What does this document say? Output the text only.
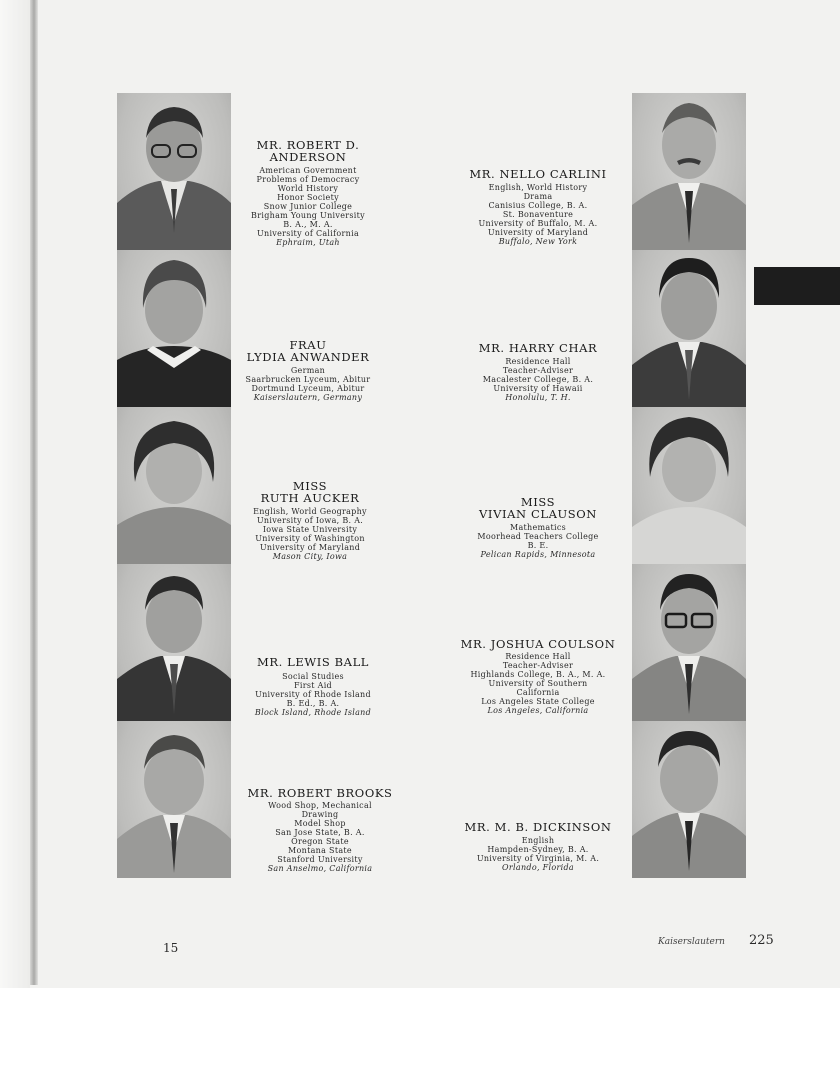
MR. ROBERT D.
ANDERSON
American Government
Problems of Democracy
World History
Honor Society
Snow Junior College
Brigham Young University
B. A., M. A.
University of California
Ephraim, Utah
FRAU
LYDIA ANWANDER
German
Saarbrucken Lyceum, Abitur
Dortmund Lyceum, Abitur
Kaiserslautern, Germany
MISS
RUTH AUCKER
English, World Geography
University of Iowa, B. A.
Iowa State University
University of Washington
University of Maryland
Mason City, Iowa
MR. LEWIS BALL
Social Studies
First Aid
University of Rhode Island
B. Ed., B. A.
Block Island, Rhode Island
MR. ROBERT BROOKS
Wood Shop, Mechanical
Drawing
Model Shop
San Jose State, B. A.
Oregon State
Montana State
Stanford University
San Anselmo, California
MR. NELLO CARLINI
English, World History
Drama
Canisius College, B. A.
St. Bonaventure
University of Buffalo, M. A.
University of Maryland
Buffalo, New York
MR. HARRY CHAR
Residence Hall
Teacher-Adviser
Macalester College, B. A.
University of Hawaii
Honolulu, T. H.
MISS
VIVIAN CLAUSON
Mathematics
Moorhead Teachers College
B. E.
Pelican Rapids, Minnesota
MR. JOSHUA COULSON
Residence Hall
Teacher-Adviser
Highlands College, B. A., M. A.
University of Southern
California
Los Angeles State College
Los Angeles, California
MR. M. B. DICKINSON
English
Hampden-Sydney, B. A.
University of Virginia, M. A.
Orlando, Florida
15	Kaiserslautern 225
